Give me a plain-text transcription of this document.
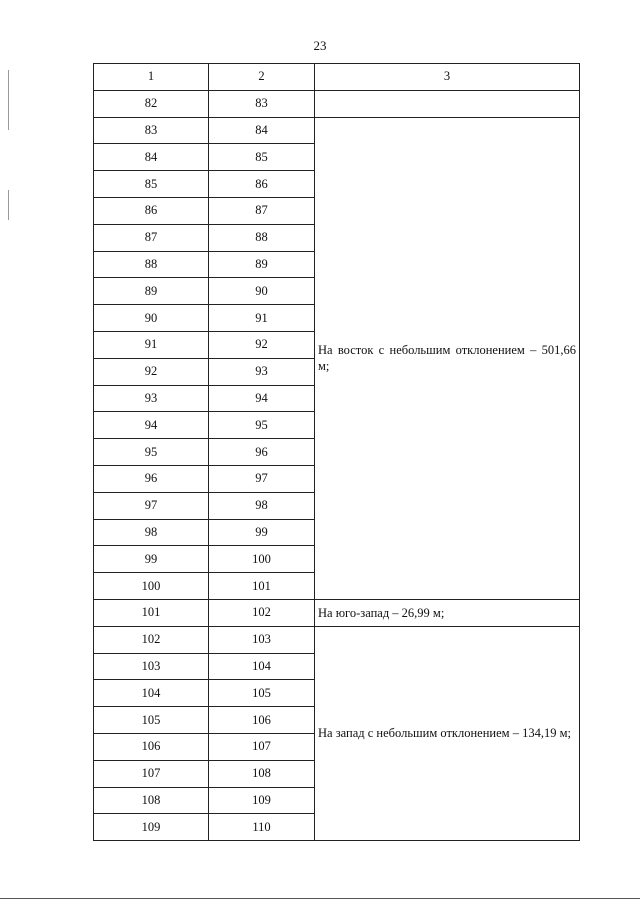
23
1	2	3
82	83	
83	84	На восток с небольшим отклонением – 501,66 м;
84	85	
85	86	
86	87	
87	88	
88	89	
89	90	
90	91	
91	92	
92	93	
93	94	
94	95	
95	96	
96	97	
97	98	
98	99	
99	100	
100	101	
101	102	На юго-запад – 26,99 м;
102	103	На запад с небольшим отклонением – 134,19 м;
103	104	
104	105	
105	106	
106	107	
107	108	
108	109	
109	110	
